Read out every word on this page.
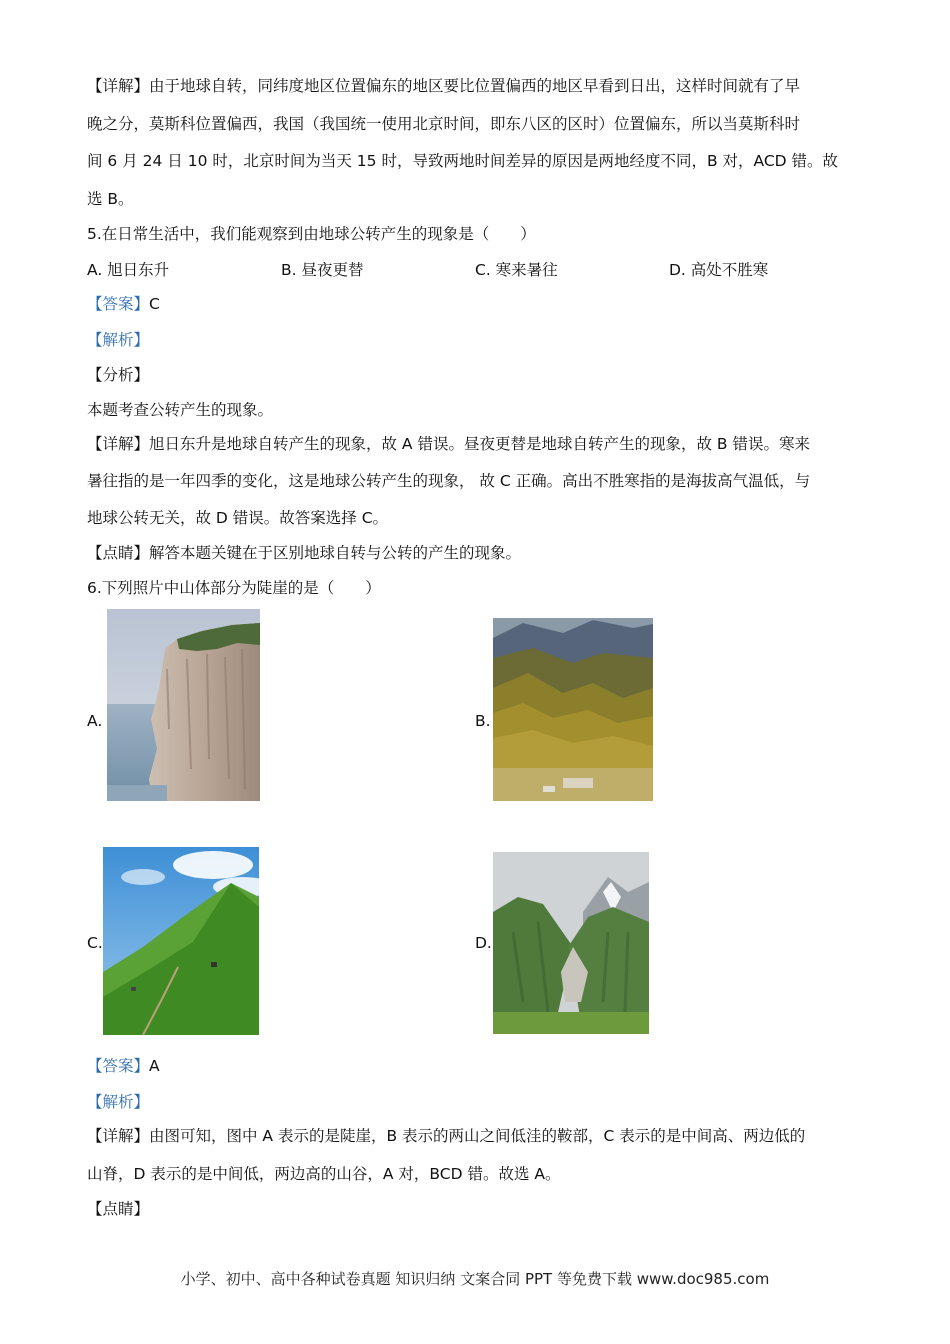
【详解】由于地球自转，同纬度地区位置偏东的地区要比位置偏西的地区早看到日出，这样时间就有了早
晚之分，莫斯科位置偏西，我国（我国统一使用北京时间，即东八区的区时）位置偏东，所以当莫斯科时
间 6 月 24 日 10 时，北京时间为当天 15 时，导致两地时间差异的原因是两地经度不同，B 对，ACD 错。故
选 B。
5.在日常生活中，我们能观察到由地球公转产生的现象是（　　）
A. 旭日东升	B. 昼夜更替	C. 寒来暑往	D. 高处不胜寒
【答案】C
【解析】
【分析】
本题考查公转产生的现象。
【详解】旭日东升是地球自转产生的现象，故 A 错误。昼夜更替是地球自转产生的现象，故 B 错误。寒来
暑往指的是一年四季的变化，这是地球公转产生的现象， 故 C 正确。高出不胜寒指的是海拔高气温低，与
地球公转无关，故 D 错误。故答案选择 C。
【点睛】解答本题关键在于区别地球自转与公转的产生的现象。
6.下列照片中山体部分为陡崖的是（　　）
A.	B.
C.	D.
【答案】A
【解析】
【详解】由图可知，图中 A 表示的是陡崖，B 表示的两山之间低洼的鞍部，C 表示的是中间高、两边低的
山脊，D 表示的是中间低，两边高的山谷，A 对，BCD 错。故选 A。
【点睛】
小学、初中、高中各种试卷真题 知识归纳 文案合同 PPT 等免费下载 www.doc985.com
